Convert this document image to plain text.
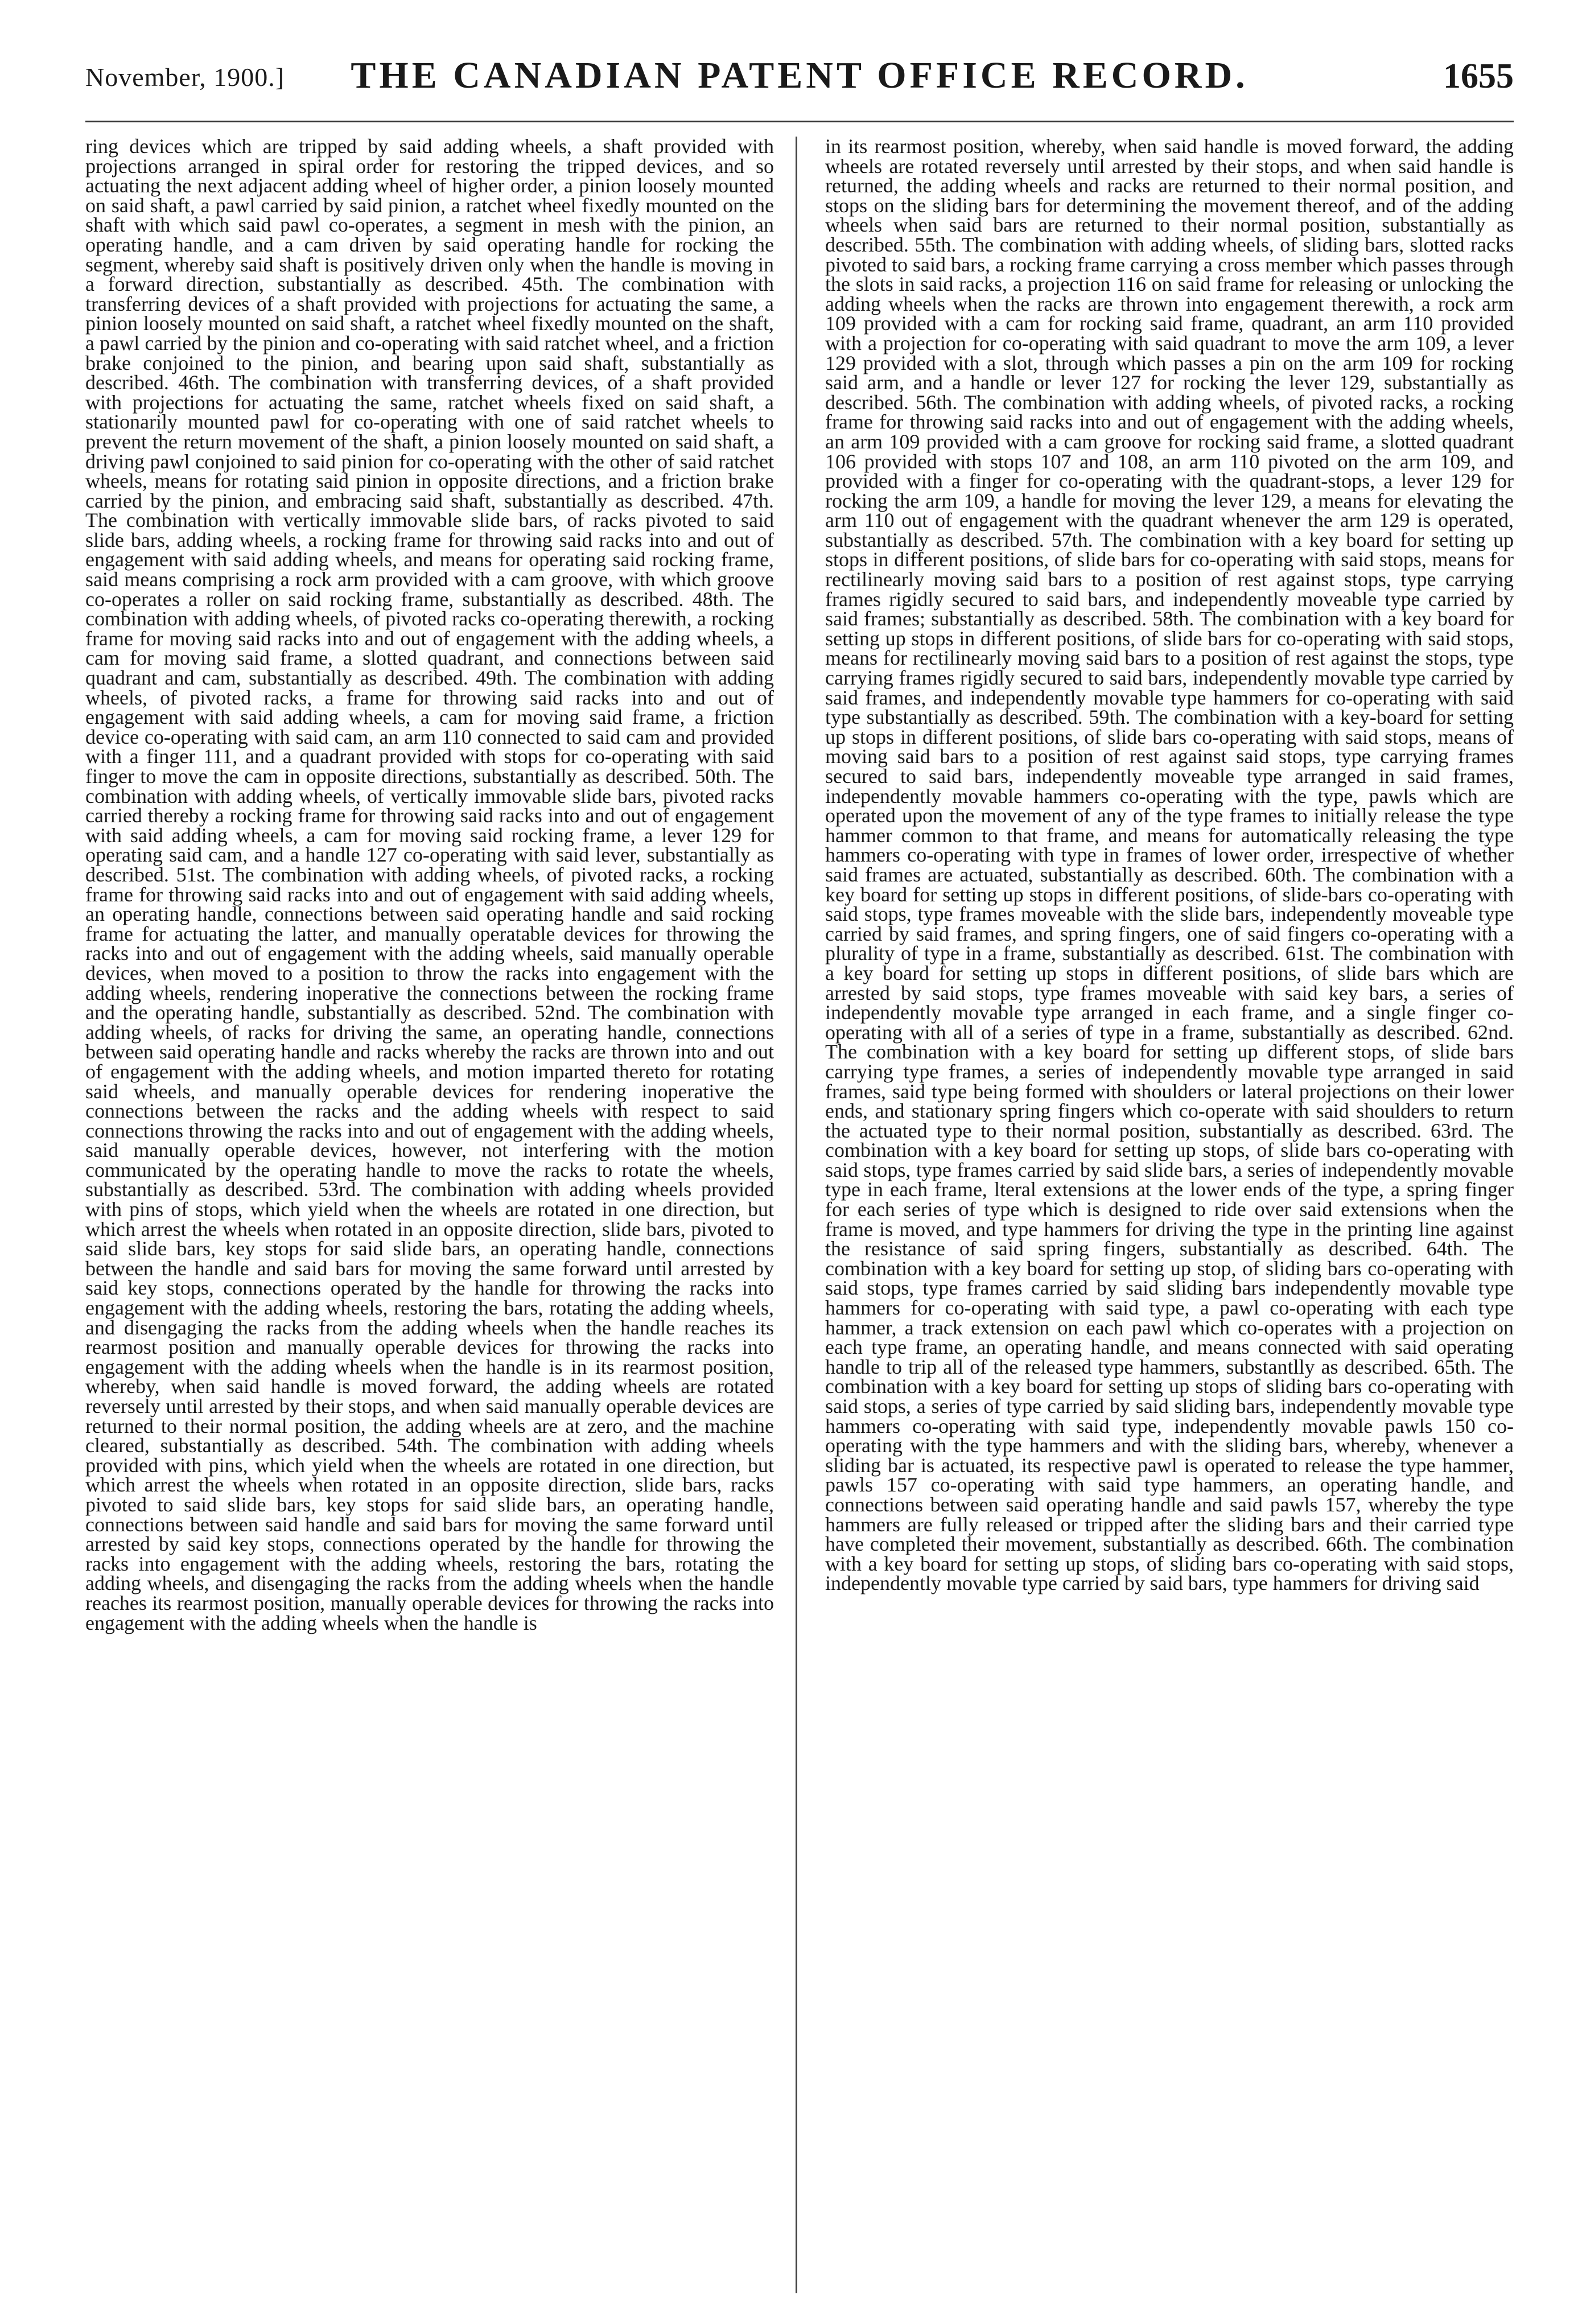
November, 1900.]	THE CANADIAN PATENT OFFICE RECORD.	1655
ring devices which are tripped by said adding wheels, a shaft provided with projections arranged in spiral order for restoring the tripped devices, and so actuating the next adjacent adding wheel of higher order, a pinion loosely mounted on said shaft, a pawl carried by said pinion, a ratchet wheel fixedly mounted on the shaft with which said pawl co-operates, a segment in mesh with the pinion, an operating handle, and a cam driven by said operating handle for rocking the segment, whereby said shaft is positively driven only when the handle is moving in a forward direction, substantially as described. 45th. The combination with transferring devices of a shaft provided with projections for actuating the same, a pinion loosely mounted on said shaft, a ratchet wheel fixedly mounted on the shaft, a pawl carried by the pinion and co-operating with said ratchet wheel, and a friction brake conjoined to the pinion, and bearing upon said shaft, substantially as described. 46th. The combination with transferring devices, of a shaft provided with projections for actuating the same, ratchet wheels fixed on said shaft, a stationarily mounted pawl for co-operating with one of said ratchet wheels to prevent the return movement of the shaft, a pinion loosely mounted on said shaft, a driving pawl conjoined to said pinion for co-operating with the other of said ratchet wheels, means for rotating said pinion in opposite directions, and a friction brake carried by the pinion, and embracing said shaft, substantially as described. 47th. The combination with vertically immovable slide bars, of racks pivoted to said slide bars, adding wheels, a rocking frame for throwing said racks into and out of engagement with said adding wheels, and means for operating said rocking frame, said means comprising a rock arm provided with a cam groove, with which groove co-operates a roller on said rocking frame, substantially as described. 48th. The combination with adding wheels, of pivoted racks co-operating therewith, a rocking frame for moving said racks into and out of engagement with the adding wheels, a cam for moving said frame, a slotted quadrant, and connections between said quadrant and cam, substantially as described. 49th. The combination with adding wheels, of pivoted racks, a frame for throwing said racks into and out of engagement with said adding wheels, a cam for moving said frame, a friction device co-operating with said cam, an arm 110 connected to said cam and provided with a finger 111, and a quadrant provided with stops for co-operating with said finger to move the cam in opposite directions, substantially as described. 50th. The combination with adding wheels, of vertically immovable slide bars, pivoted racks carried thereby a rocking frame for throwing said racks into and out of engagement with said adding wheels, a cam for moving said rocking frame, a lever 129 for operating said cam, and a handle 127 co-operating with said lever, substantially as described. 51st. The combination with adding wheels, of pivoted racks, a rocking frame for throwing said racks into and out of engagement with said adding wheels, an operating handle, connections between said operating handle and said rocking frame for actuating the latter, and manually operatable devices for throwing the racks into and out of engagement with the adding wheels, said manually operable devices, when moved to a position to throw the racks into engagement with the adding wheels, rendering inoperative the connections between the rocking frame and the operating handle, substantially as described. 52nd. The combination with adding wheels, of racks for driving the same, an operating handle, connections between said operating handle and racks whereby the racks are thrown into and out of engagement with the adding wheels, and motion imparted thereto for rotating said wheels, and manually operable devices for rendering inoperative the connections between the racks and the adding wheels with respect to said connections throwing the racks into and out of engagement with the adding wheels, said manually operable devices, however, not interfering with the motion communicated by the operating handle to move the racks to rotate the wheels, substantially as described. 53rd. The combination with adding wheels provided with pins of stops, which yield when the wheels are rotated in one direction, but which arrest the wheels when rotated in an opposite direction, slide bars, pivoted to said slide bars, key stops for said slide bars, an operating handle, connections between the handle and said bars for moving the same forward until arrested by said key stops, connections operated by the handle for throwing the racks into engagement with the adding wheels, restoring the bars, rotating the adding wheels, and disengaging the racks from the adding wheels when the handle reaches its rearmost position and manually operable devices for throwing the racks into engagement with the adding wheels when the handle is in its rearmost position, whereby, when said handle is moved forward, the adding wheels are rotated reversely until arrested by their stops, and when said manually operable devices are returned to their normal position, the adding wheels are at zero, and the machine cleared, substantially as described. 54th. The combination with adding wheels provided with pins, which yield when the wheels are rotated in one direction, but which arrest the wheels when rotated in an opposite direction, slide bars, racks pivoted to said slide bars, key stops for said slide bars, an operating handle, connections between said handle and said bars for moving the same forward until arrested by said key stops, connections operated by the handle for throwing the racks into engagement with the adding wheels, restoring the bars, rotating the adding wheels, and disengaging the racks from the adding wheels when the handle reaches its rearmost position, manually operable devices for throwing the racks into engagement with the adding wheels when the handle is
in its rearmost position, whereby, when said handle is moved forward, the adding wheels are rotated reversely until arrested by their stops, and when said handle is returned, the adding wheels and racks are returned to their normal position, and stops on the sliding bars for determining the movement thereof, and of the adding wheels when said bars are returned to their normal position, substantially as described. 55th. The combination with adding wheels, of sliding bars, slotted racks pivoted to said bars, a rocking frame carrying a cross member which passes through the slots in said racks, a projection 116 on said frame for releasing or unlocking the adding wheels when the racks are thrown into engagement therewith, a rock arm 109 provided with a cam for rocking said frame, quadrant, an arm 110 provided with a projection for co-operating with said quadrant to move the arm 109, a lever 129 provided with a slot, through which passes a pin on the arm 109 for rocking said arm, and a handle or lever 127 for rocking the lever 129, substantially as described. 56th. The combination with adding wheels, of pivoted racks, a rocking frame for throwing said racks into and out of engagement with the adding wheels, an arm 109 provided with a cam groove for rocking said frame, a slotted quadrant 106 provided with stops 107 and 108, an arm 110 pivoted on the arm 109, and provided with a finger for co-operating with the quadrant-stops, a lever 129 for rocking the arm 109, a handle for moving the lever 129, a means for elevating the arm 110 out of engagement with the quadrant whenever the arm 129 is operated, substantially as described. 57th. The combination with a key board for setting up stops in different positions, of slide bars for co-operating with said stops, means for rectilinearly moving said bars to a position of rest against stops, type carrying frames rigidly secured to said bars, and independently moveable type carried by said frames; substantially as described. 58th. The combination with a key board for setting up stops in different positions, of slide bars for co-operating with said stops, means for rectilinearly moving said bars to a position of rest against the stops, type carrying frames rigidly secured to said bars, independently movable type carried by said frames, and independently movable type hammers for co-operating with said type substantially as described. 59th. The combination with a key-board for setting up stops in different positions, of slide bars co-operating with said stops, means of moving said bars to a position of rest against said stops, type carrying frames secured to said bars, independently moveable type arranged in said frames, independently movable hammers co-operating with the type, pawls which are operated upon the movement of any of the type frames to initially release the type hammer common to that frame, and means for automatically releasing the type hammers co-operating with type in frames of lower order, irrespective of whether said frames are actuated, substantially as described. 60th. The combination with a key board for setting up stops in different positions, of slide-bars co-operating with said stops, type frames moveable with the slide bars, independently moveable type carried by said frames, and spring fingers, one of said fingers co-operating with a plurality of type in a frame, substantially as described. 61st. The combination with a key board for setting up stops in different positions, of slide bars which are arrested by said stops, type frames moveable with said key bars, a series of independently movable type arranged in each frame, and a single finger co-operating with all of a series of type in a frame, substantially as described. 62nd. The combination with a key board for setting up different stops, of slide bars carrying type frames, a series of independently movable type arranged in said frames, said type being formed with shoulders or lateral projections on their lower ends, and stationary spring fingers which co-operate with said shoulders to return the actuated type to their normal position, substantially as described. 63rd. The combination with a key board for setting up stops, of slide bars co-operating with said stops, type frames carried by said slide bars, a series of independently movable type in each frame, lteral extensions at the lower ends of the type, a spring finger for each series of type which is designed to ride over said extensions when the frame is moved, and type hammers for driving the type in the printing line against the resistance of said spring fingers, substantially as described. 64th. The combination with a key board for setting up stop, of sliding bars co-operating with said stops, type frames carried by said sliding bars independently movable type hammers for co-operating with said type, a pawl co-operating with each type hammer, a track extension on each pawl which co-operates with a projection on each type frame, an operating handle, and means connected with said operating handle to trip all of the released type hammers, substantlly as described. 65th. The combination with a key board for setting up stops of sliding bars co-operating with said stops, a series of type carried by said sliding bars, independently movable type hammers co-operating with said type, independently movable pawls 150 co-operating with the type hammers and with the sliding bars, whereby, whenever a sliding bar is actuated, its respective pawl is operated to release the type hammer, pawls 157 co-operating with said type hammers, an operating handle, and connections between said operating handle and said pawls 157, whereby the type hammers are fully released or tripped after the sliding bars and their carried type have completed their movement, substantially as described. 66th. The combination with a key board for setting up stops, of sliding bars co-operating with said stops, independently movable type carried by said bars, type hammers for driving said
